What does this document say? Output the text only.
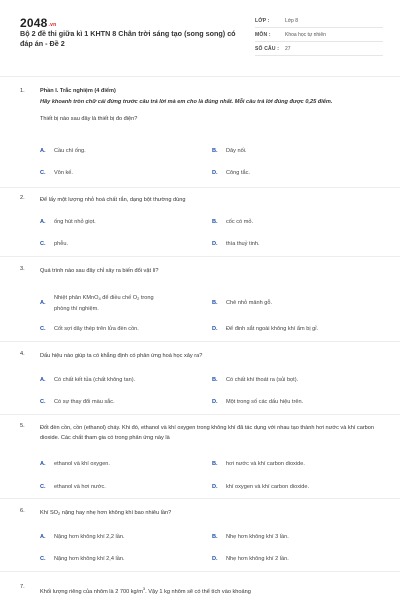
2048.vn
Bộ 2 đề thi giữa kì 1 KHTN 8 Chân trời sáng tạo (song song) có đáp án - Đề 2
LỚP :	Lớp 8
MÔN :	Khoa học tự nhiên
SỐ CÂU : 27
1.	Phần I. Trắc nghiệm (4 điểm)
Hãy khoanh tròn chữ cái đứng trước câu trả lời mà em cho là đúng nhất. Mỗi câu trả lời đúng được 0,25 điểm.
Thiết bị nào sau đây là thiết bị đo điện?
A. Cầu chì ống.	B. Dây nối.
C. Vôn kế.	D. Công tắc.
2.	Để lấy một lượng nhỏ hoá chất rắn, dạng bột thường dùng
A. ống hút nhỏ giọt.	B. cốc có mỏ.
C. phễu.	D. thìa thuỷ tinh.
3.	Quá trình nào sau đây chỉ xảy ra biến đổi vật lí?
A.
Nhiệt phân KMnO$_4$ để điều chế $O_2$ trong
phòng thí nghiệm.
B. Chẻ nhỏ mảnh gỗ.
C. Cốt sợi dây thép trên lửa đèn cồn.	D. Để đinh sắt ngoài không khí ẩm bị gỉ.
4.	Dấu hiệu nào giúp ta có khẳng định có phản ứng hoá học xảy ra?
A. Có chất kết tủa (chất không tan).	B. Có chất khí thoát ra (sủi bọt).
C. Có sự thay đổi màu sắc.	D. Một trong số các dấu hiệu trên.
5.	Đốt đèn cồn, cồn (ethanol) cháy. Khi đó, ethanol và khí oxygen trong không khí đã tác dụng với nhau tạo thành hơi nước và khí carbon dioxide. Các chất tham gia có trong phản ứng này là
A. ethanol và khí oxygen.	B. hơi nước và khí carbon dioxide.
C. ethanol và hơi nước.	D. khí oxygen và khí carbon dioxide.
6.	Khí $SO_2$ nặng hay nhẹ hơn không khí bao nhiêu lần?
A. Nặng hơn không khí 2,2 lần.	B. Nhẹ hơn không khí 3 lần.
C. Nặng hơn không khí 2,4 lần.	D. Nhẹ hơn không khí 2 lần.
7.
Khối lượng riêng của nhôm là 2 700 $kg/m^3$. Vậy 1 kg nhôm sẽ có thể tích vào khoảng
